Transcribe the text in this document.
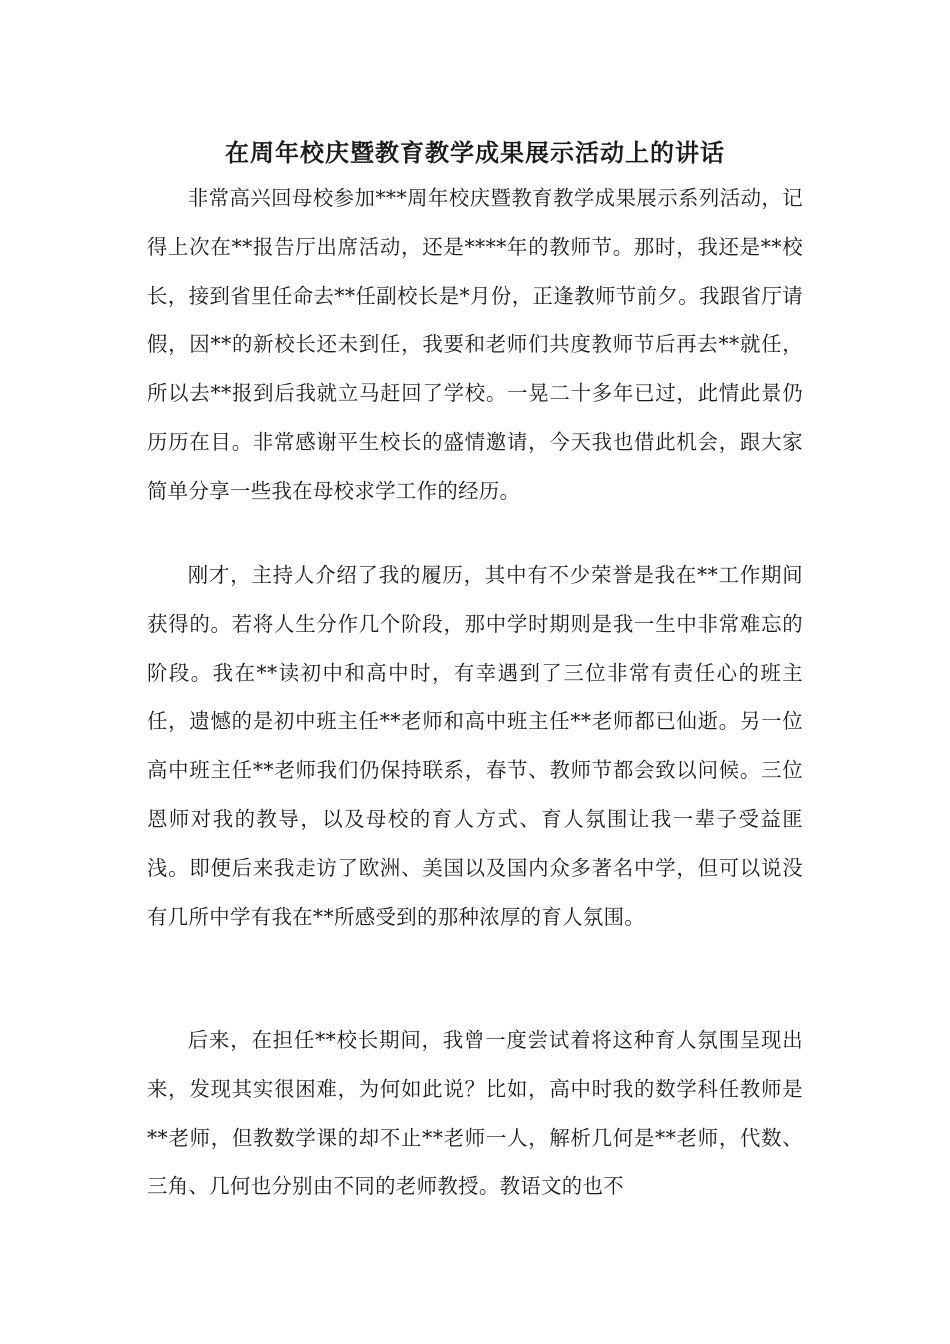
在周年校庆暨教育教学成果展示活动上的讲话

非常高兴回母校参加***周年校庆暨教育教学成果展示系列活动，记得上次在**报告厅出席活动，还是****年的教师节。那时，我还是**校长，接到省里任命去**任副校长是*月份，正逢教师节前夕。我跟省厅请假，因**的新校长还未到任，我要和老师们共度教师节后再去**就任，所以去**报到后我就立马赶回了学校。一晃二十多年已过，此情此景仍历历在目。非常感谢平生校长的盛情邀请，今天我也借此机会，跟大家简单分享一些我在母校求学工作的经历。

刚才，主持人介绍了我的履历，其中有不少荣誉是我在**工作期间获得的。若将人生分作几个阶段，那中学时期则是我一生中非常难忘的阶段。我在**读初中和高中时，有幸遇到了三位非常有责任心的班主任，遗憾的是初中班主任**老师和高中班主任**老师都已仙逝。另一位高中班主任**老师我们仍保持联系，春节、教师节都会致以问候。三位恩师对我的教导，以及母校的育人方式、育人氛围让我一辈子受益匪浅。即便后来我走访了欧洲、美国以及国内众多著名中学，但可以说没有几所中学有我在**所感受到的那种浓厚的育人氛围。

后来，在担任**校长期间，我曾一度尝试着将这种育人氛围呈现出来，发现其实很困难，为何如此说？比如，高中时我的数学科任教师是**老师，但教数学课的却不止**老师一人，解析几何是**老师，代数、三角、几何也分别由不同的老师教授。教语文的也不
